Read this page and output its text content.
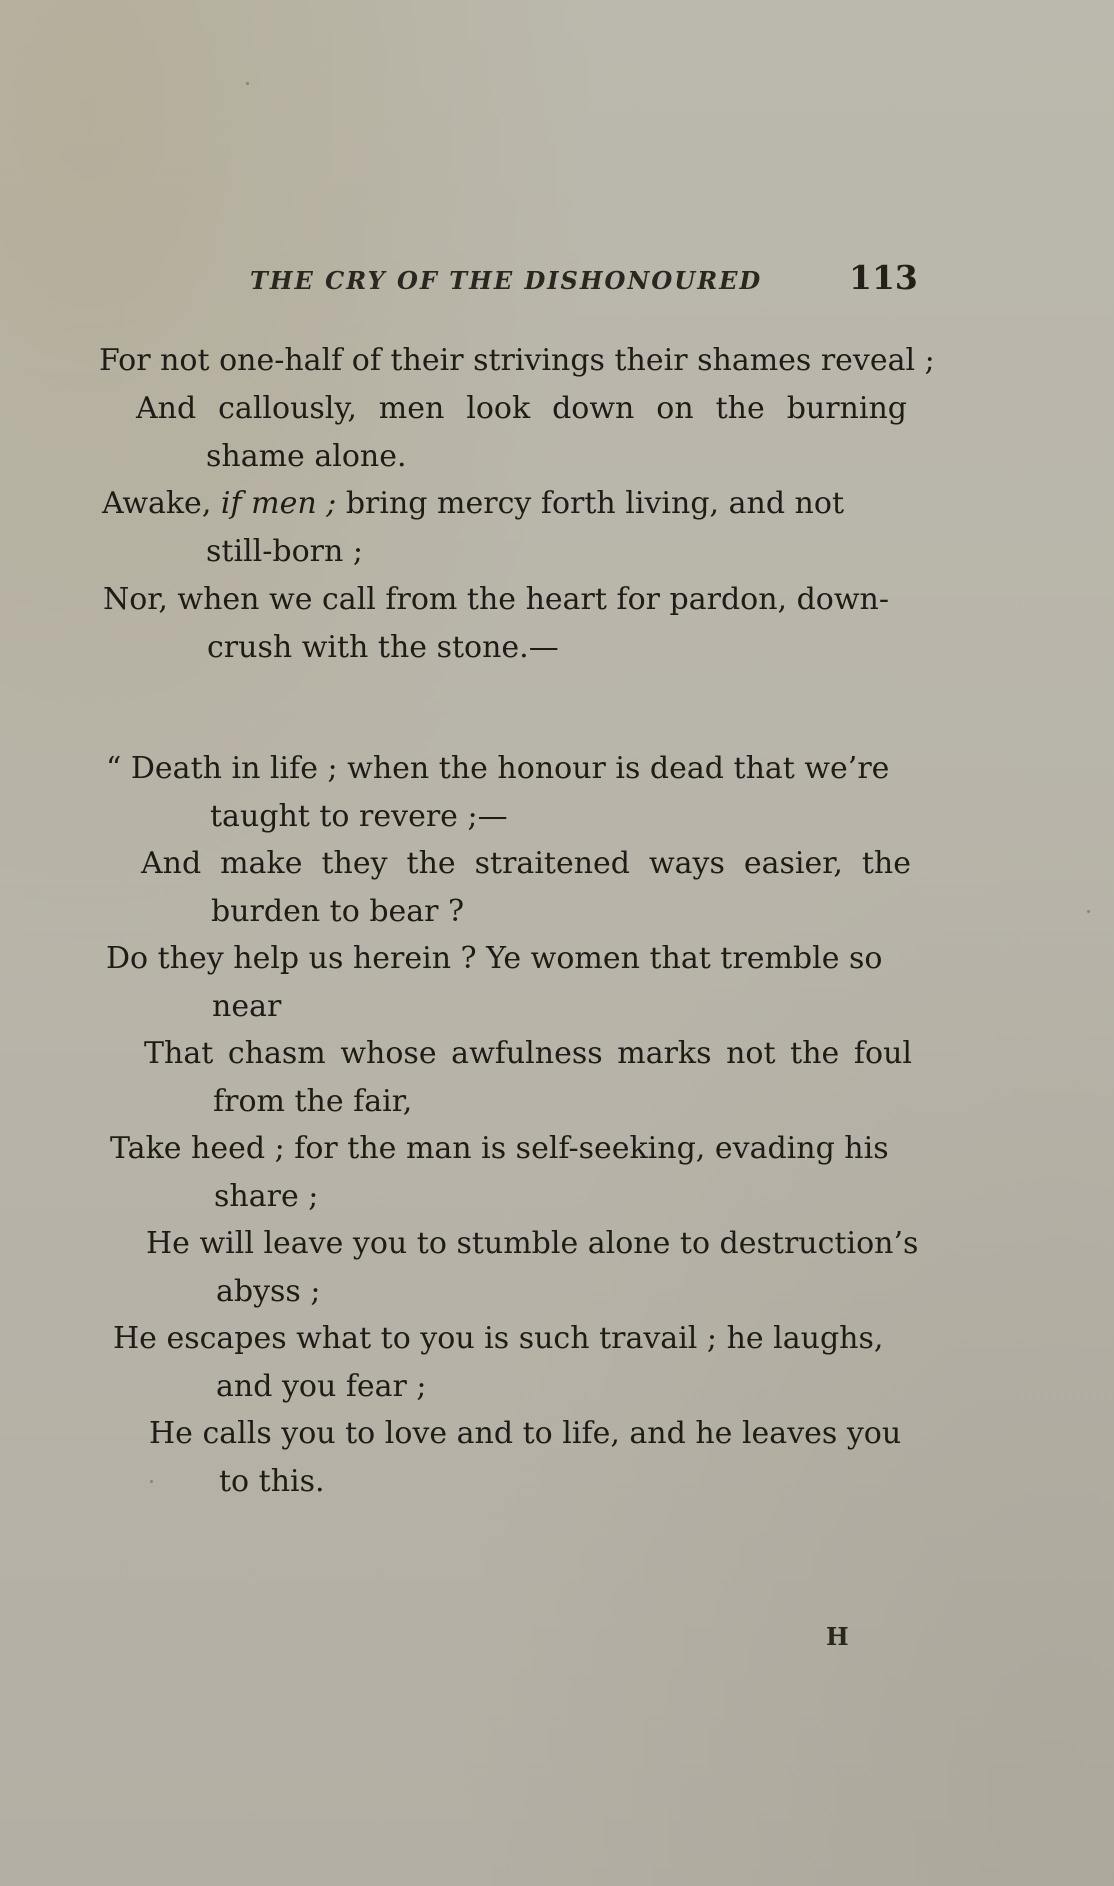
THE CRY OF THE DISHONOURED	113
For not one-half of their strivings their shames reveal ;
And callously, men look down on the burning
shame alone.
Awake, if men ; bring mercy forth living, and not
still-born ;
Nor, when we call from the heart for pardon, down-
crush with the stone.—
“ Death in life ; when the honour is dead that we’re
taught to revere ;—
And make they the straitened ways easier, the
burden to bear ?
Do they help us herein ? Ye women that tremble so
near
That chasm whose awfulness marks not the foul
from the fair,
Take heed ; for the man is self-seeking, evading his
share ;
He will leave you to stumble alone to destruction’s
abyss ;
He escapes what to you is such travail ; he laughs,
and you fear ;
He calls you to love and to life, and he leaves you
to this.
H
